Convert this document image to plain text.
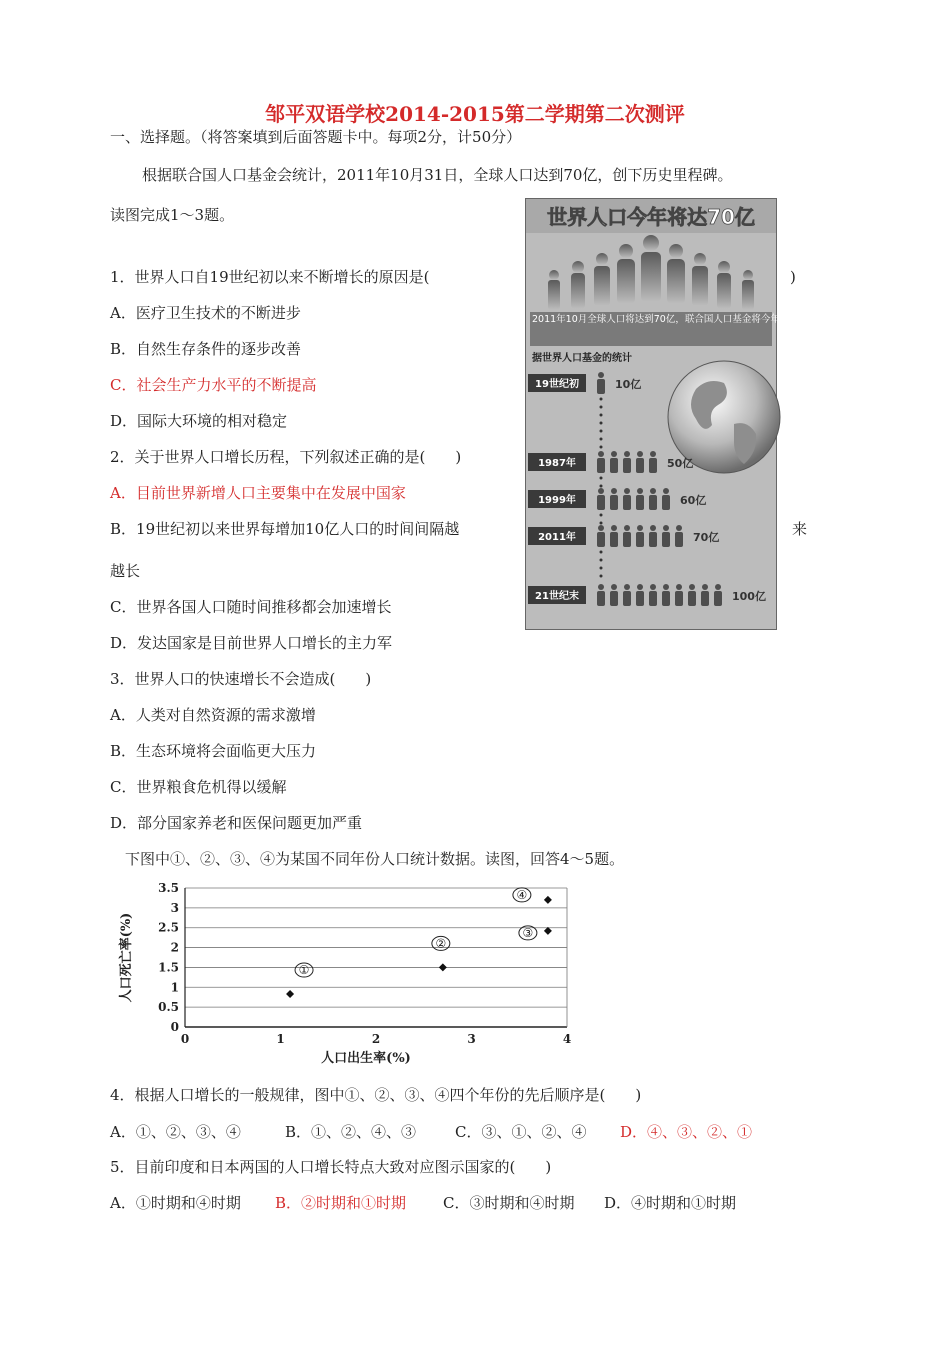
邹平双语学校2014-2015第二学期第二次测评
一、选择题。（将答案填到后面答题卡中。每项2分，计50分）
根据联合国人口基金会统计，2011年10月31日，全球人口达到70亿，创下历史里程碑。
读图完成1～3题。
1．世界人口自19世纪初以来不断增长的原因是(	)
A．医疗卫生技术的不断进步
B．自然生存条件的逐步改善
C．社会生产力水平的不断提高
D．国际大环境的相对稳定
2．关于世界人口增长历程，下列叙述正确的是(　　)
A．目前世界新增人口主要集中在发展中国家
B．19世纪初以来世界每增加10亿人口的时间间隔越	来
越长
C．世界各国人口随时间推移都会加速增长
D．发达国家是目前世界人口增长的主力军
3．世界人口的快速增长不会造成(　　)
A．人类对自然资源的需求激增
B．生态环境将会面临更大压力
C．世界粮食危机得以缓解
D．部分国家养老和医保问题更加严重
下图中①、②、③、④为某国不同年份人口统计数据。读图，回答4～5题。
世界人口今年将达70亿
2011年10月全球人口将达到70亿，联合国人口基金将今年主题确定为“70亿人的世界”
据世界人口基金的统计
19世纪初	10亿
1987年	50亿
1999年	60亿
2011年	70亿
21世纪末	100亿
0
0.5
1
1.5
2
2.5
3
3.5
0	1	2	3	4
人口出生率(%)
人口死亡率(%)	①
②
③
④
4．根据人口增长的一般规律，图中①、②、③、④四个年份的先后顺序是(　　)
A．①、②、③、④	B．①、②、④、③	C．③、①、②、④ D．④、③、②、①
5．目前印度和日本两国的人口增长特点大致对应图示国家的(　　)
A．①时期和④时期 B．②时期和①时期 C．③时期和④时期 D．④时期和①时期
